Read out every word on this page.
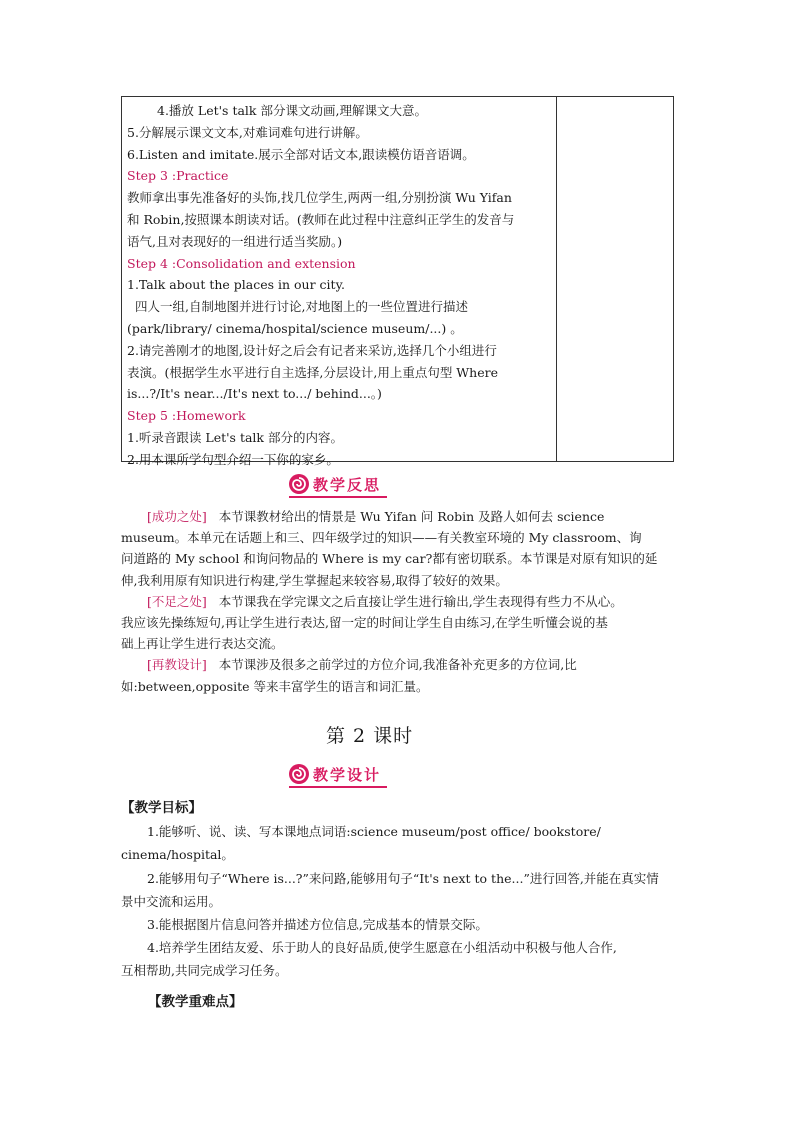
4.播放 Let's talk 部分课文动画,理解课文大意。
5.分解展示课文文本,对难词难句进行讲解。
6.Listen and imitate.展示全部对话文本,跟读模仿语音语调。
Step 3 :Practice
教师拿出事先准备好的头饰,找几位学生,两两一组,分别扮演 Wu Yifan
和 Robin,按照课本朗读对话。(教师在此过程中注意纠正学生的发音与
语气,且对表现好的一组进行适当奖励。)
Step 4 :Consolidation and extension
1.Talk about the places in our city.
四人一组,自制地图并进行讨论,对地图上的一些位置进行描述
(park/library/ cinema/hospital/science museum/...) 。
2.请完善刚才的地图,设计好之后会有记者来采访,选择几个小组进行
表演。(根据学生水平进行自主选择,分层设计,用上重点句型 Where
is...?/It's near.../It's next to.../ behind...。)
Step 5 :Homework
1.听录音跟读 Let's talk 部分的内容。
2.用本课所学句型介绍一下你的家乡。
教学反思
[成功之处] 本节课教材给出的情景是 Wu Yifan 问 Robin 及路人如何去 science
museum。本单元在话题上和三、四年级学过的知识——有关教室环境的 My classroom、询
问道路的 My school 和询问物品的 Where is my car?都有密切联系。本节课是对原有知识的延
伸,我利用原有知识进行构建,学生掌握起来较容易,取得了较好的效果。
[不足之处] 本节课我在学完课文之后直接让学生进行输出,学生表现得有些力不从心。
我应该先操练短句,再让学生进行表达,留一定的时间让学生自由练习,在学生听懂会说的基
础上再让学生进行表达交流。
[再教设计] 本节课涉及很多之前学过的方位介词,我准备补充更多的方位词,比
如:between,opposite 等来丰富学生的语言和词汇量。
第 2 课时
教学设计
【教学目标】
1.能够听、说、读、写本课地点词语:science museum/post office/ bookstore/
cinema/hospital。
2.能够用句子“Where is...?”来问路,能够用句子“It's next to the...”进行回答,并能在真实情
景中交流和运用。
3.能根据图片信息问答并描述方位信息,完成基本的情景交际。
4.培养学生团结友爱、乐于助人的良好品质,使学生愿意在小组活动中积极与他人合作,
互相帮助,共同完成学习任务。
【教学重难点】
